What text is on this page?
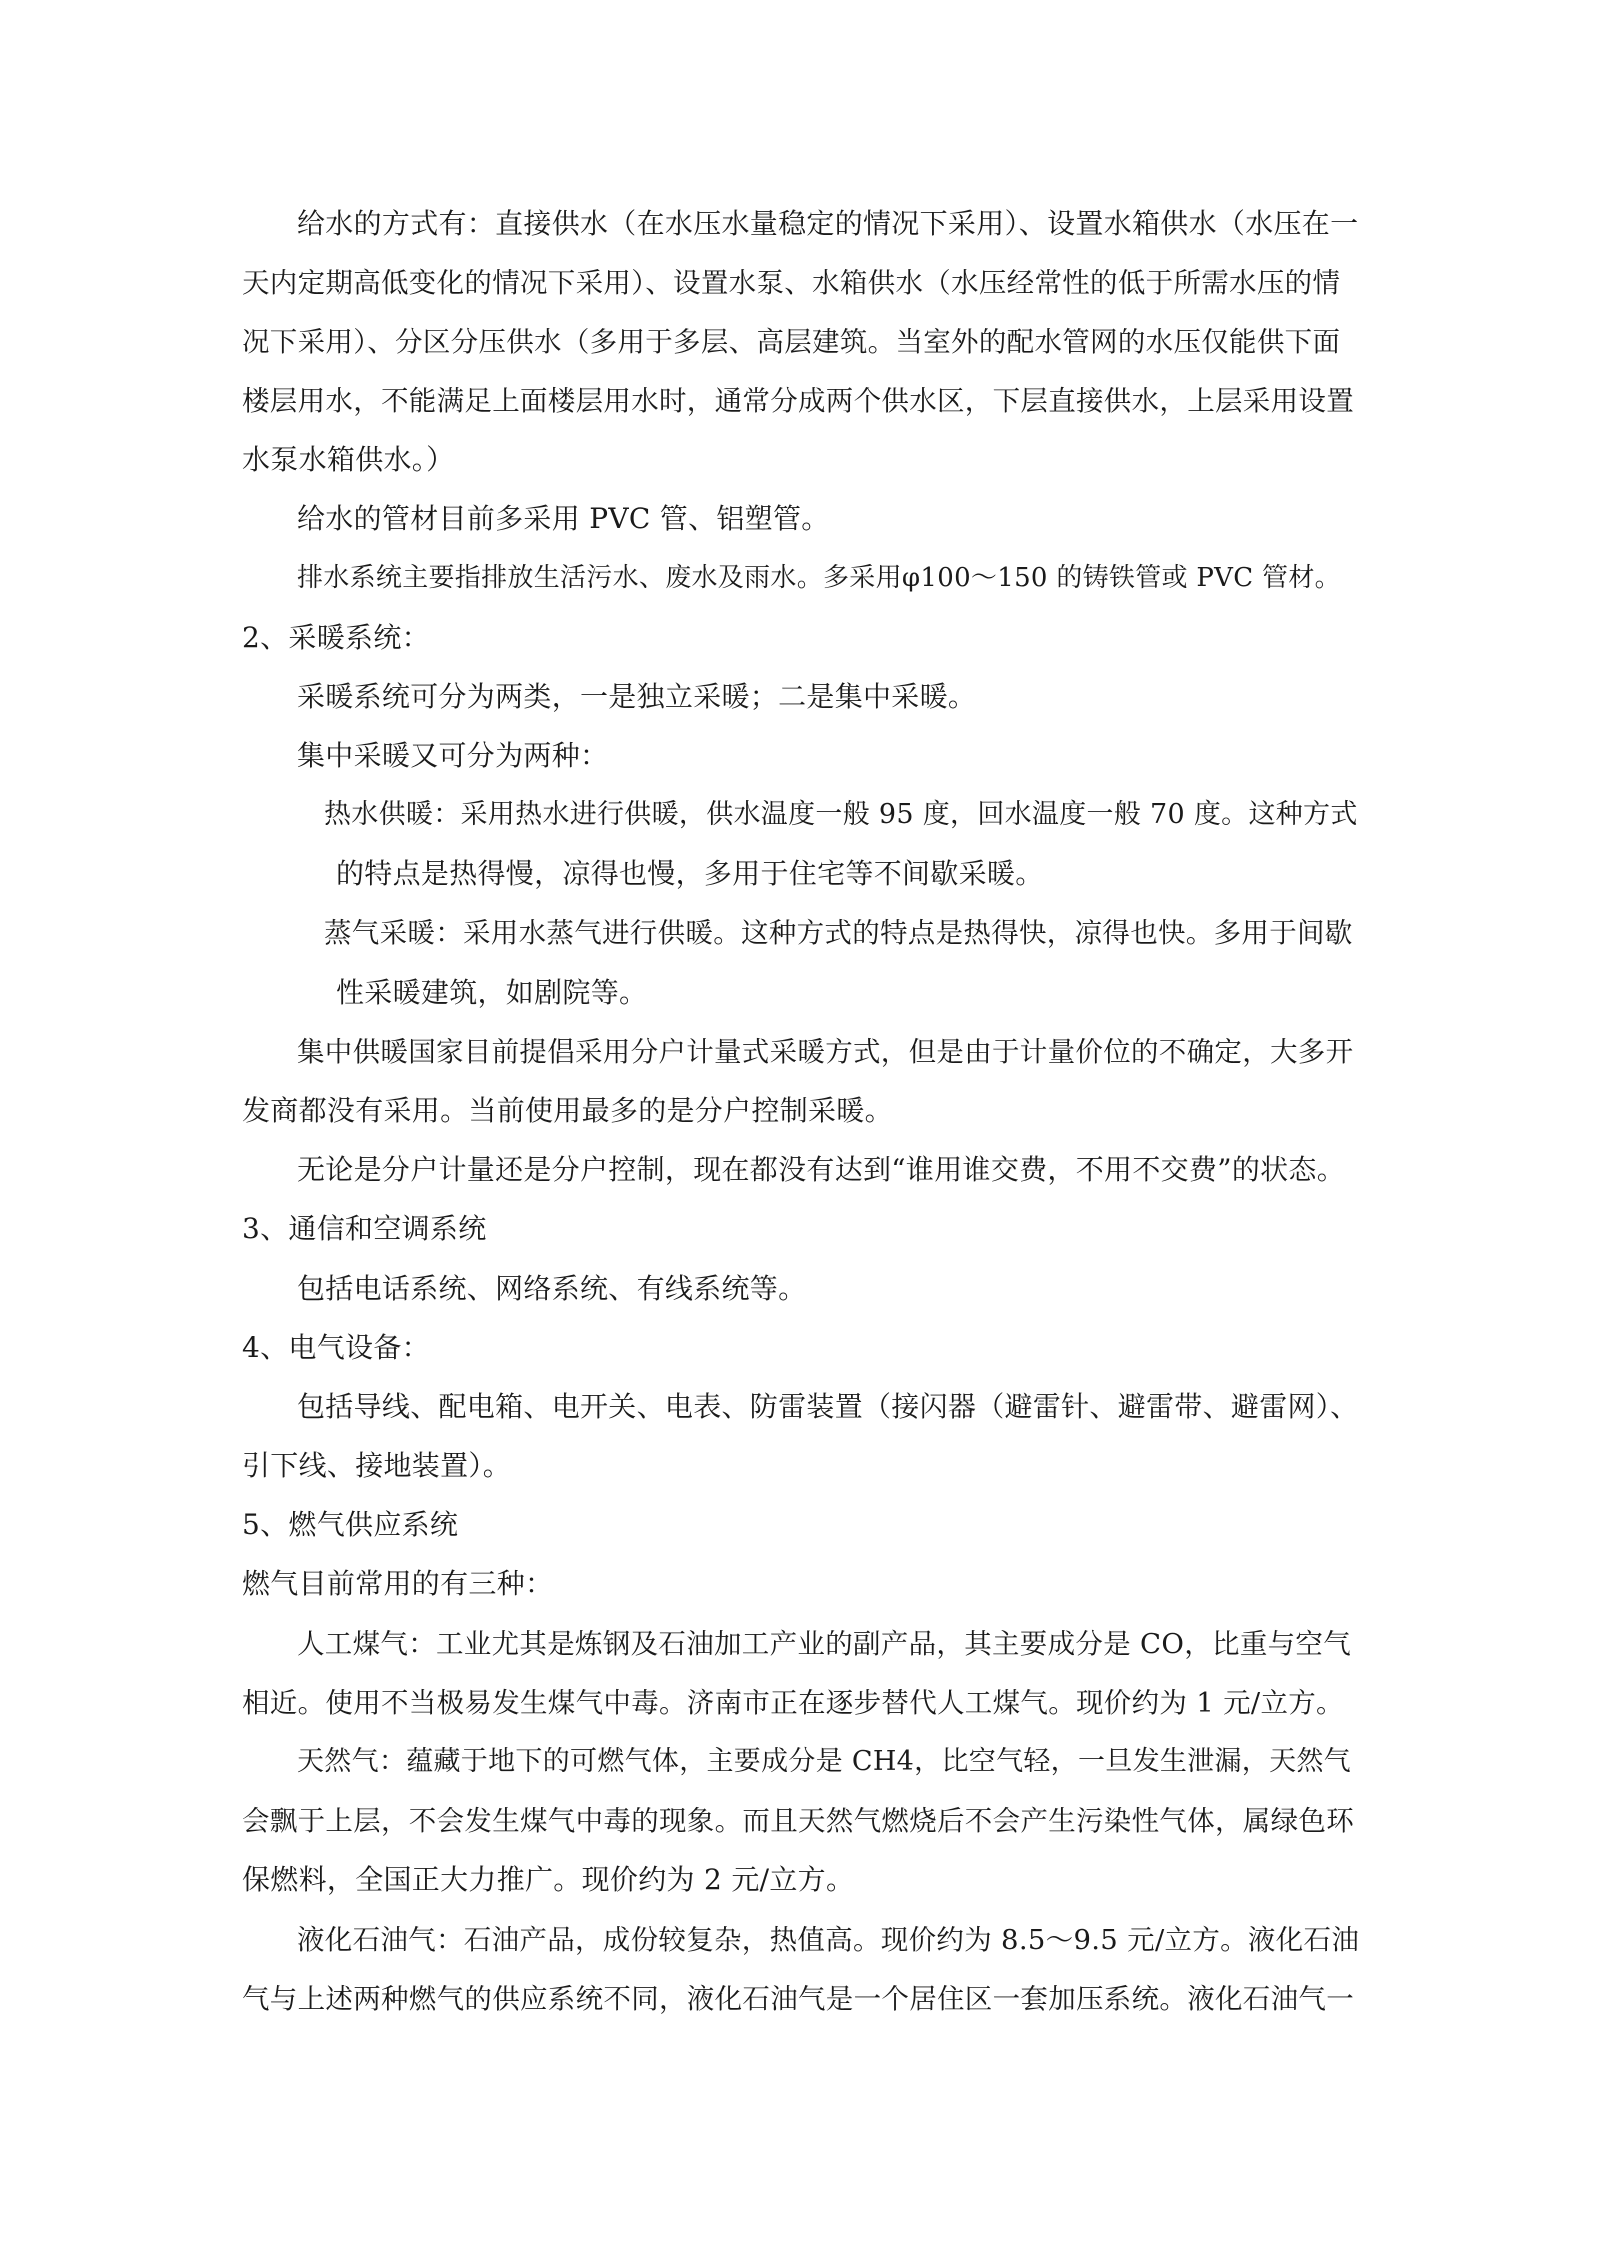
给水的方式有：直接供水（在水压水量稳定的情况下采用）、设置水箱供水（水压在一
天内定期高低变化的情况下采用）、设置水泵、水箱供水（水压经常性的低于所需水压的情
况下采用）、分区分压供水（多用于多层、高层建筑。当室外的配水管网的水压仅能供下面
楼层用水，不能满足上面楼层用水时，通常分成两个供水区，下层直接供水，上层采用设置
水泵水箱供水。）
给水的管材目前多采用 PVC 管、铝塑管。
排水系统主要指排放生活污水、废水及雨水。多采用φ100～150 的铸铁管或 PVC 管材。
2、采暖系统：
采暖系统可分为两类，一是独立采暖；二是集中采暖。
集中采暖又可分为两种：
热水供暖：采用热水进行供暖，供水温度一般 95 度，回水温度一般 70 度。这种方式
的特点是热得慢，凉得也慢，多用于住宅等不间歇采暖。
蒸气采暖：采用水蒸气进行供暖。这种方式的特点是热得快，凉得也快。多用于间歇
性采暖建筑，如剧院等。
集中供暖国家目前提倡采用分户计量式采暖方式，但是由于计量价位的不确定，大多开
发商都没有采用。当前使用最多的是分户控制采暖。
无论是分户计量还是分户控制，现在都没有达到“谁用谁交费，不用不交费”的状态。
3、通信和空调系统
包括电话系统、网络系统、有线系统等。
4、电气设备：
包括导线、配电箱、电开关、电表、防雷装置（接闪器（避雷针、避雷带、避雷网）、
引下线、接地装置）。
5、燃气供应系统
燃气目前常用的有三种：
人工煤气：工业尤其是炼钢及石油加工产业的副产品，其主要成分是 CO，比重与空气
相近。使用不当极易发生煤气中毒。济南市正在逐步替代人工煤气。现价约为 1 元/立方。
天然气：蕴藏于地下的可燃气体，主要成分是 CH4，比空气轻，一旦发生泄漏，天然气
会飘于上层，不会发生煤气中毒的现象。而且天然气燃烧后不会产生污染性气体，属绿色环
保燃料，全国正大力推广。现价约为 2 元/立方。
液化石油气：石油产品，成份较复杂，热值高。现价约为 8.5～9.5 元/立方。液化石油
气与上述两种燃气的供应系统不同，液化石油气是一个居住区一套加压系统。液化石油气一
